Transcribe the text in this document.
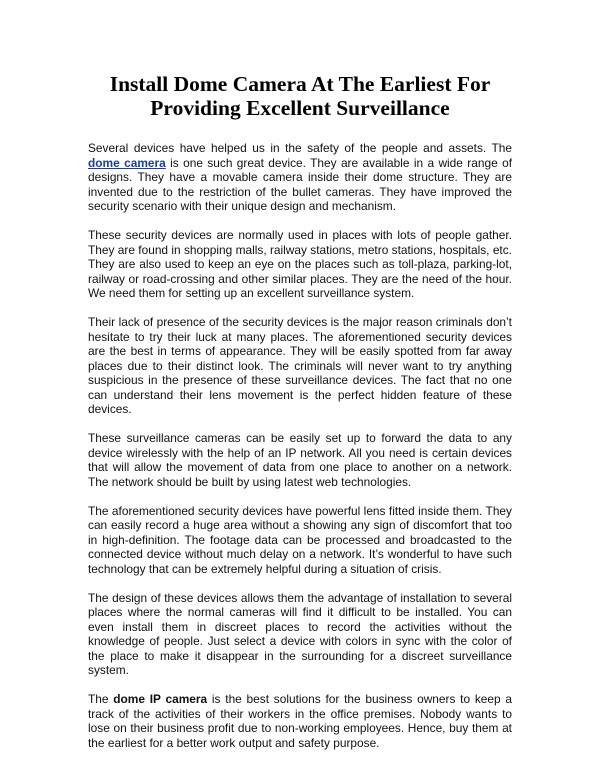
Install Dome Camera At The Earliest For
Providing Excellent Surveillance

Several devices have helped us in the safety of the people and assets. The dome camera is one such great device. They are available in a wide range of designs. They have a movable camera inside their dome structure. They are invented due to the restriction of the bullet cameras. They have improved the security scenario with their unique design and mechanism.

These security devices are normally used in places with lots of people gather. They are found in shopping malls, railway stations, metro stations, hospitals, etc. They are also used to keep an eye on the places such as toll-plaza, parking-lot, railway or road-crossing and other similar places. They are the need of the hour. We need them for setting up an excellent surveillance system.

Their lack of presence of the security devices is the major reason criminals don’t hesitate to try their luck at many places. The aforementioned security devices are the best in terms of appearance. They will be easily spotted from far away places due to their distinct look. The criminals will never want to try anything suspicious in the presence of these surveillance devices. The fact that no one can understand their lens movement is the perfect hidden feature of these devices.

These surveillance cameras can be easily set up to forward the data to any device wirelessly with the help of an IP network. All you need is certain devices that will allow the movement of data from one place to another on a network. The network should be built by using latest web technologies.

The aforementioned security devices have powerful lens fitted inside them. They can easily record a huge area without a showing any sign of discomfort that too in high-definition. The footage data can be processed and broadcasted to the connected device without much delay on a network. It’s wonderful to have such technology that can be extremely helpful during a situation of crisis.

The design of these devices allows them the advantage of installation to several places where the normal cameras will find it difficult to be installed. You can even install them in discreet places to record the activities without the knowledge of people. Just select a device with colors in sync with the color of the place to make it disappear in the surrounding for a discreet surveillance system.

The dome IP camera is the best solutions for the business owners to keep a track of the activities of their workers in the office premises. Nobody wants to lose on their business profit due to non-working employees. Hence, buy them at the earliest for a better work output and safety purpose.
